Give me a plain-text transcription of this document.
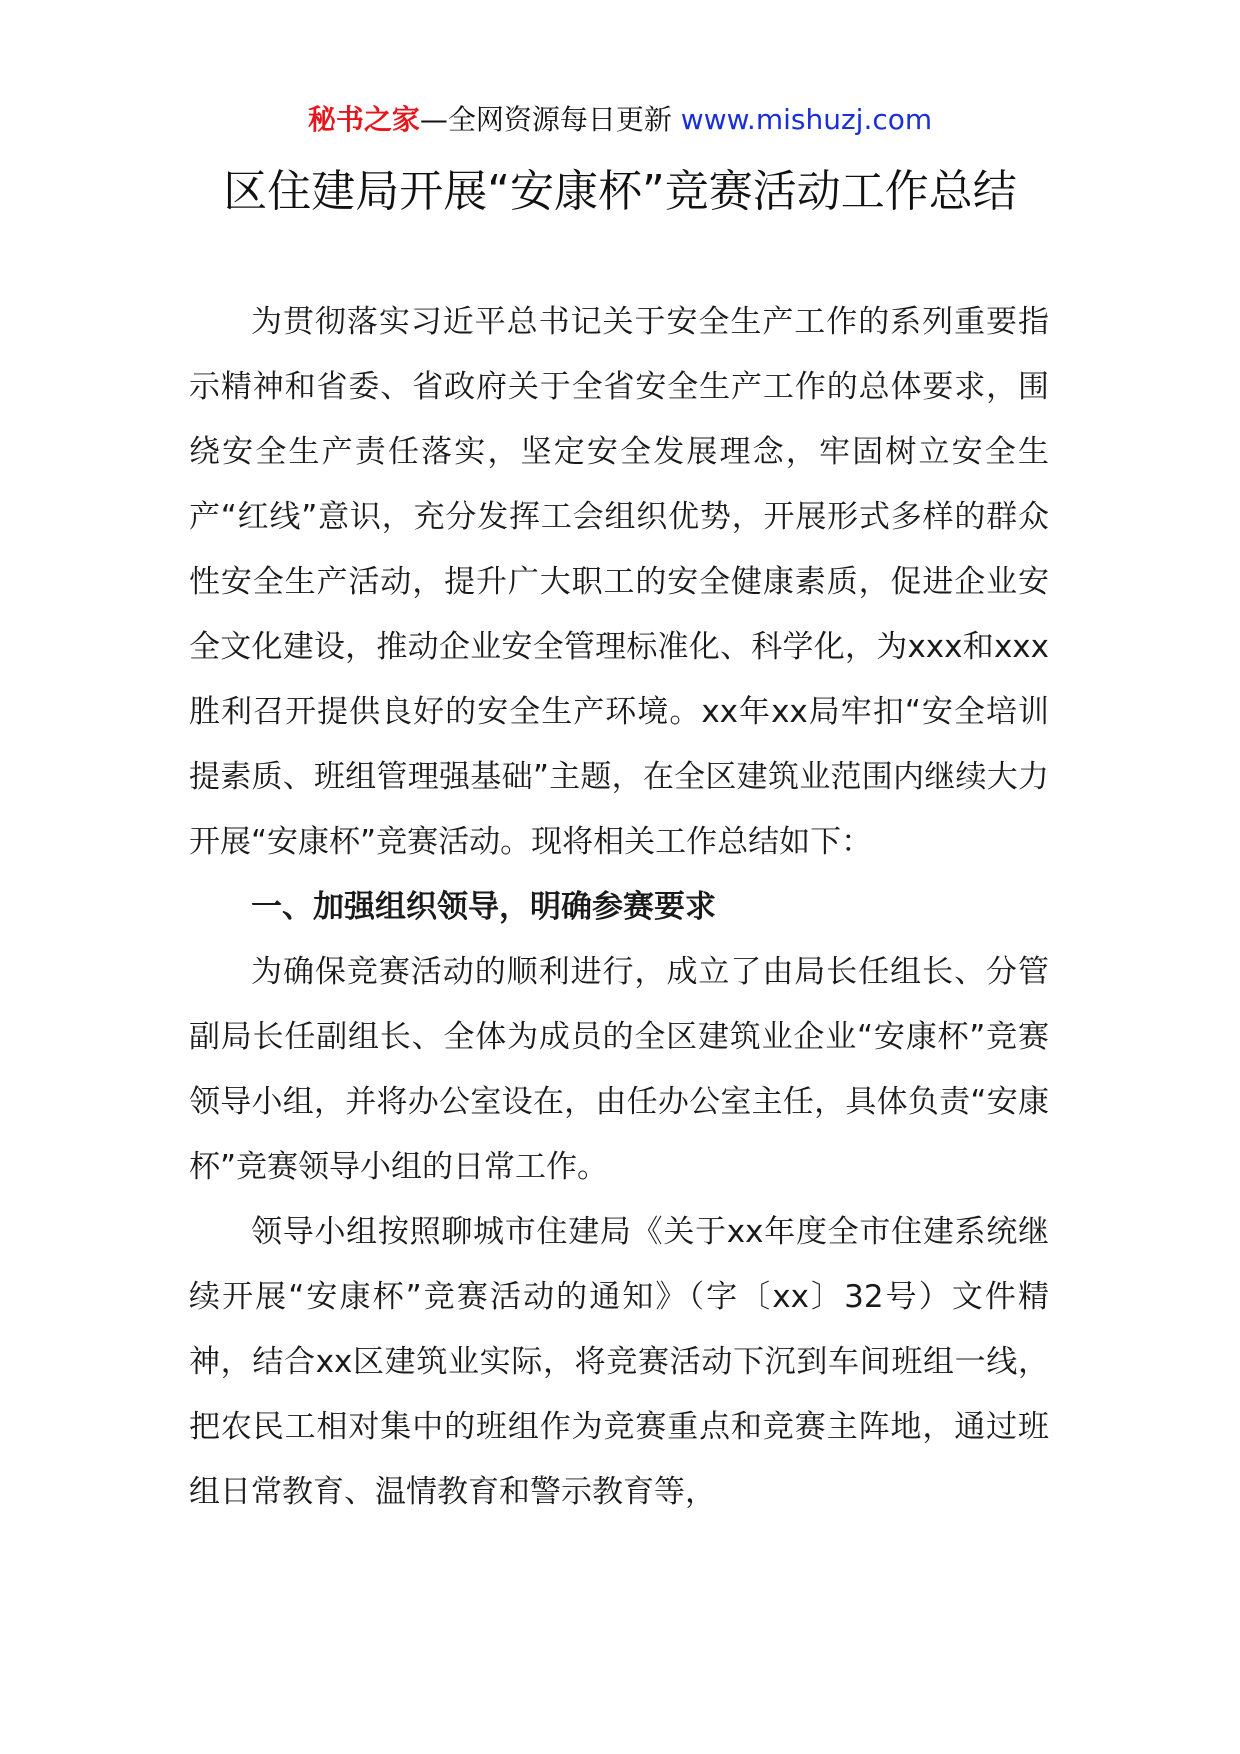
秘书之家—全网资源每日更新 www.mishuzj.com
区住建局开展“安康杯”竞赛活动工作总结

为贯彻落实习近平总书记关于安全生产工作的系列重要指示精神和省委、省政府关于全省安全生产工作的总体要求，围绕安全生产责任落实，坚定安全发展理念，牢固树立安全生产“红线”意识，充分发挥工会组织优势，开展形式多样的群众性安全生产活动，提升广大职工的安全健康素质，促进企业安全文化建设，推动企业安全管理标准化、科学化，为xxx和xxx胜利召开提供良好的安全生产环境。xx年xx局牢扣“安全培训提素质、班组管理强基础”主题，在全区建筑业范围内继续大力开展“安康杯”竞赛活动。现将相关工作总结如下：

一、加强组织领导，明确参赛要求

为确保竞赛活动的顺利进行，成立了由局长任组长、分管副局长任副组长、全体为成员的全区建筑业企业“安康杯”竞赛领导小组，并将办公室设在，由任办公室主任，具体负责“安康杯”竞赛领导小组的日常工作。

领导小组按照聊城市住建局《关于xx年度全市住建系统继续开展“安康杯”竞赛活动的通知》（字〔xx〕32号）文件精神，结合xx区建筑业实际，将竞赛活动下沉到车间班组一线，把农民工相对集中的班组作为竞赛重点和竞赛主阵地，通过班组日常教育、温情教育和警示教育等，
